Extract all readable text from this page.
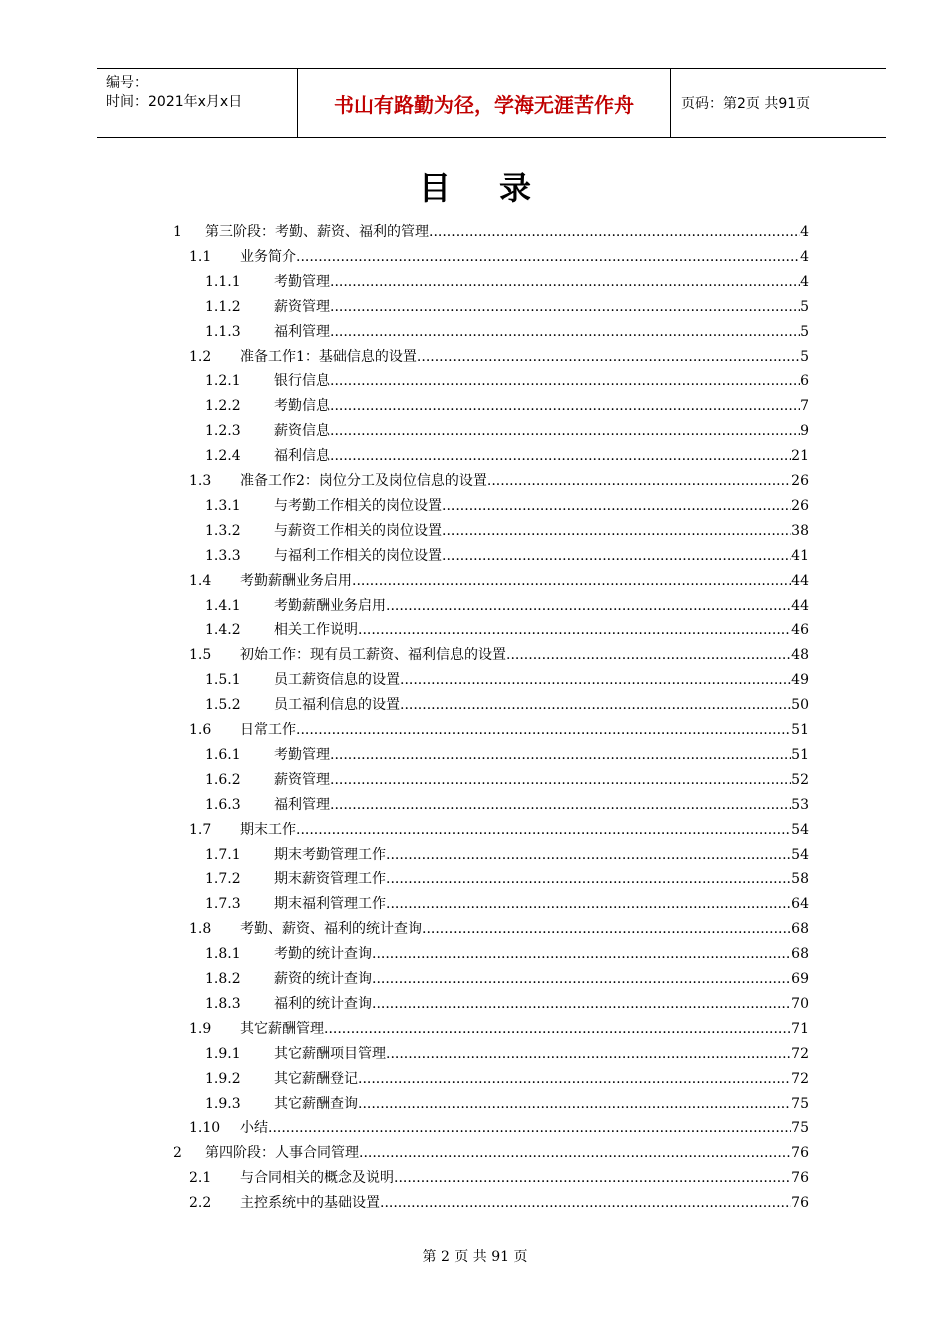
编号：
时间：2021年x月x日	书山有路勤为径，学海无涯苦作舟	页码：第2页 共91页
目录
1	第三阶段：考勤、薪资、福利的管理 .....	4
1.1	业务简介 .....	4
1.1.1	考勤管理 .....	4
1.1.2	薪资管理 .....	5
1.1.3	福利管理 .....	5
1.2	准备工作1：基础信息的设置 .....	5
1.2.1	银行信息 .....	6
1.2.2	考勤信息 .....	7
1.2.3	薪资信息 .....	9
1.2.4	福利信息 .....	21
1.3	准备工作2：岗位分工及岗位信息的设置 .....	26
1.3.1	与考勤工作相关的岗位设置 .....	26
1.3.2	与薪资工作相关的岗位设置 .....	38
1.3.3	与福利工作相关的岗位设置 .....	41
1.4	考勤薪酬业务启用 .....	44
1.4.1	考勤薪酬业务启用 .....	44
1.4.2	相关工作说明 .....	46
1.5	初始工作：现有员工薪资、福利信息的设置 .....	48
1.5.1	员工薪资信息的设置 .....	49
1.5.2	员工福利信息的设置 .....	50
1.6	日常工作 .....	51
1.6.1	考勤管理 .....	51
1.6.2	薪资管理 .....	52
1.6.3	福利管理 .....	53
1.7	期末工作 .....	54
1.7.1	期末考勤管理工作 .....	54
1.7.2	期末薪资管理工作 .....	58
1.7.3	期末福利管理工作 .....	64
1.8	考勤、薪资、福利的统计查询 .....	68
1.8.1	考勤的统计查询 .....	68
1.8.2	薪资的统计查询 .....	69
1.8.3	福利的统计查询 .....	70
1.9	其它薪酬管理 .....	71
1.9.1	其它薪酬项目管理 .....	72
1.9.2	其它薪酬登记 .....	72
1.9.3	其它薪酬查询 .....	75
1.10	小结 .....	75
2	第四阶段：人事合同管理 .....	76
2.1	与合同相关的概念及说明 .....	76
2.2	主控系统中的基础设置 .....	76
第 2 页 共 91 页
